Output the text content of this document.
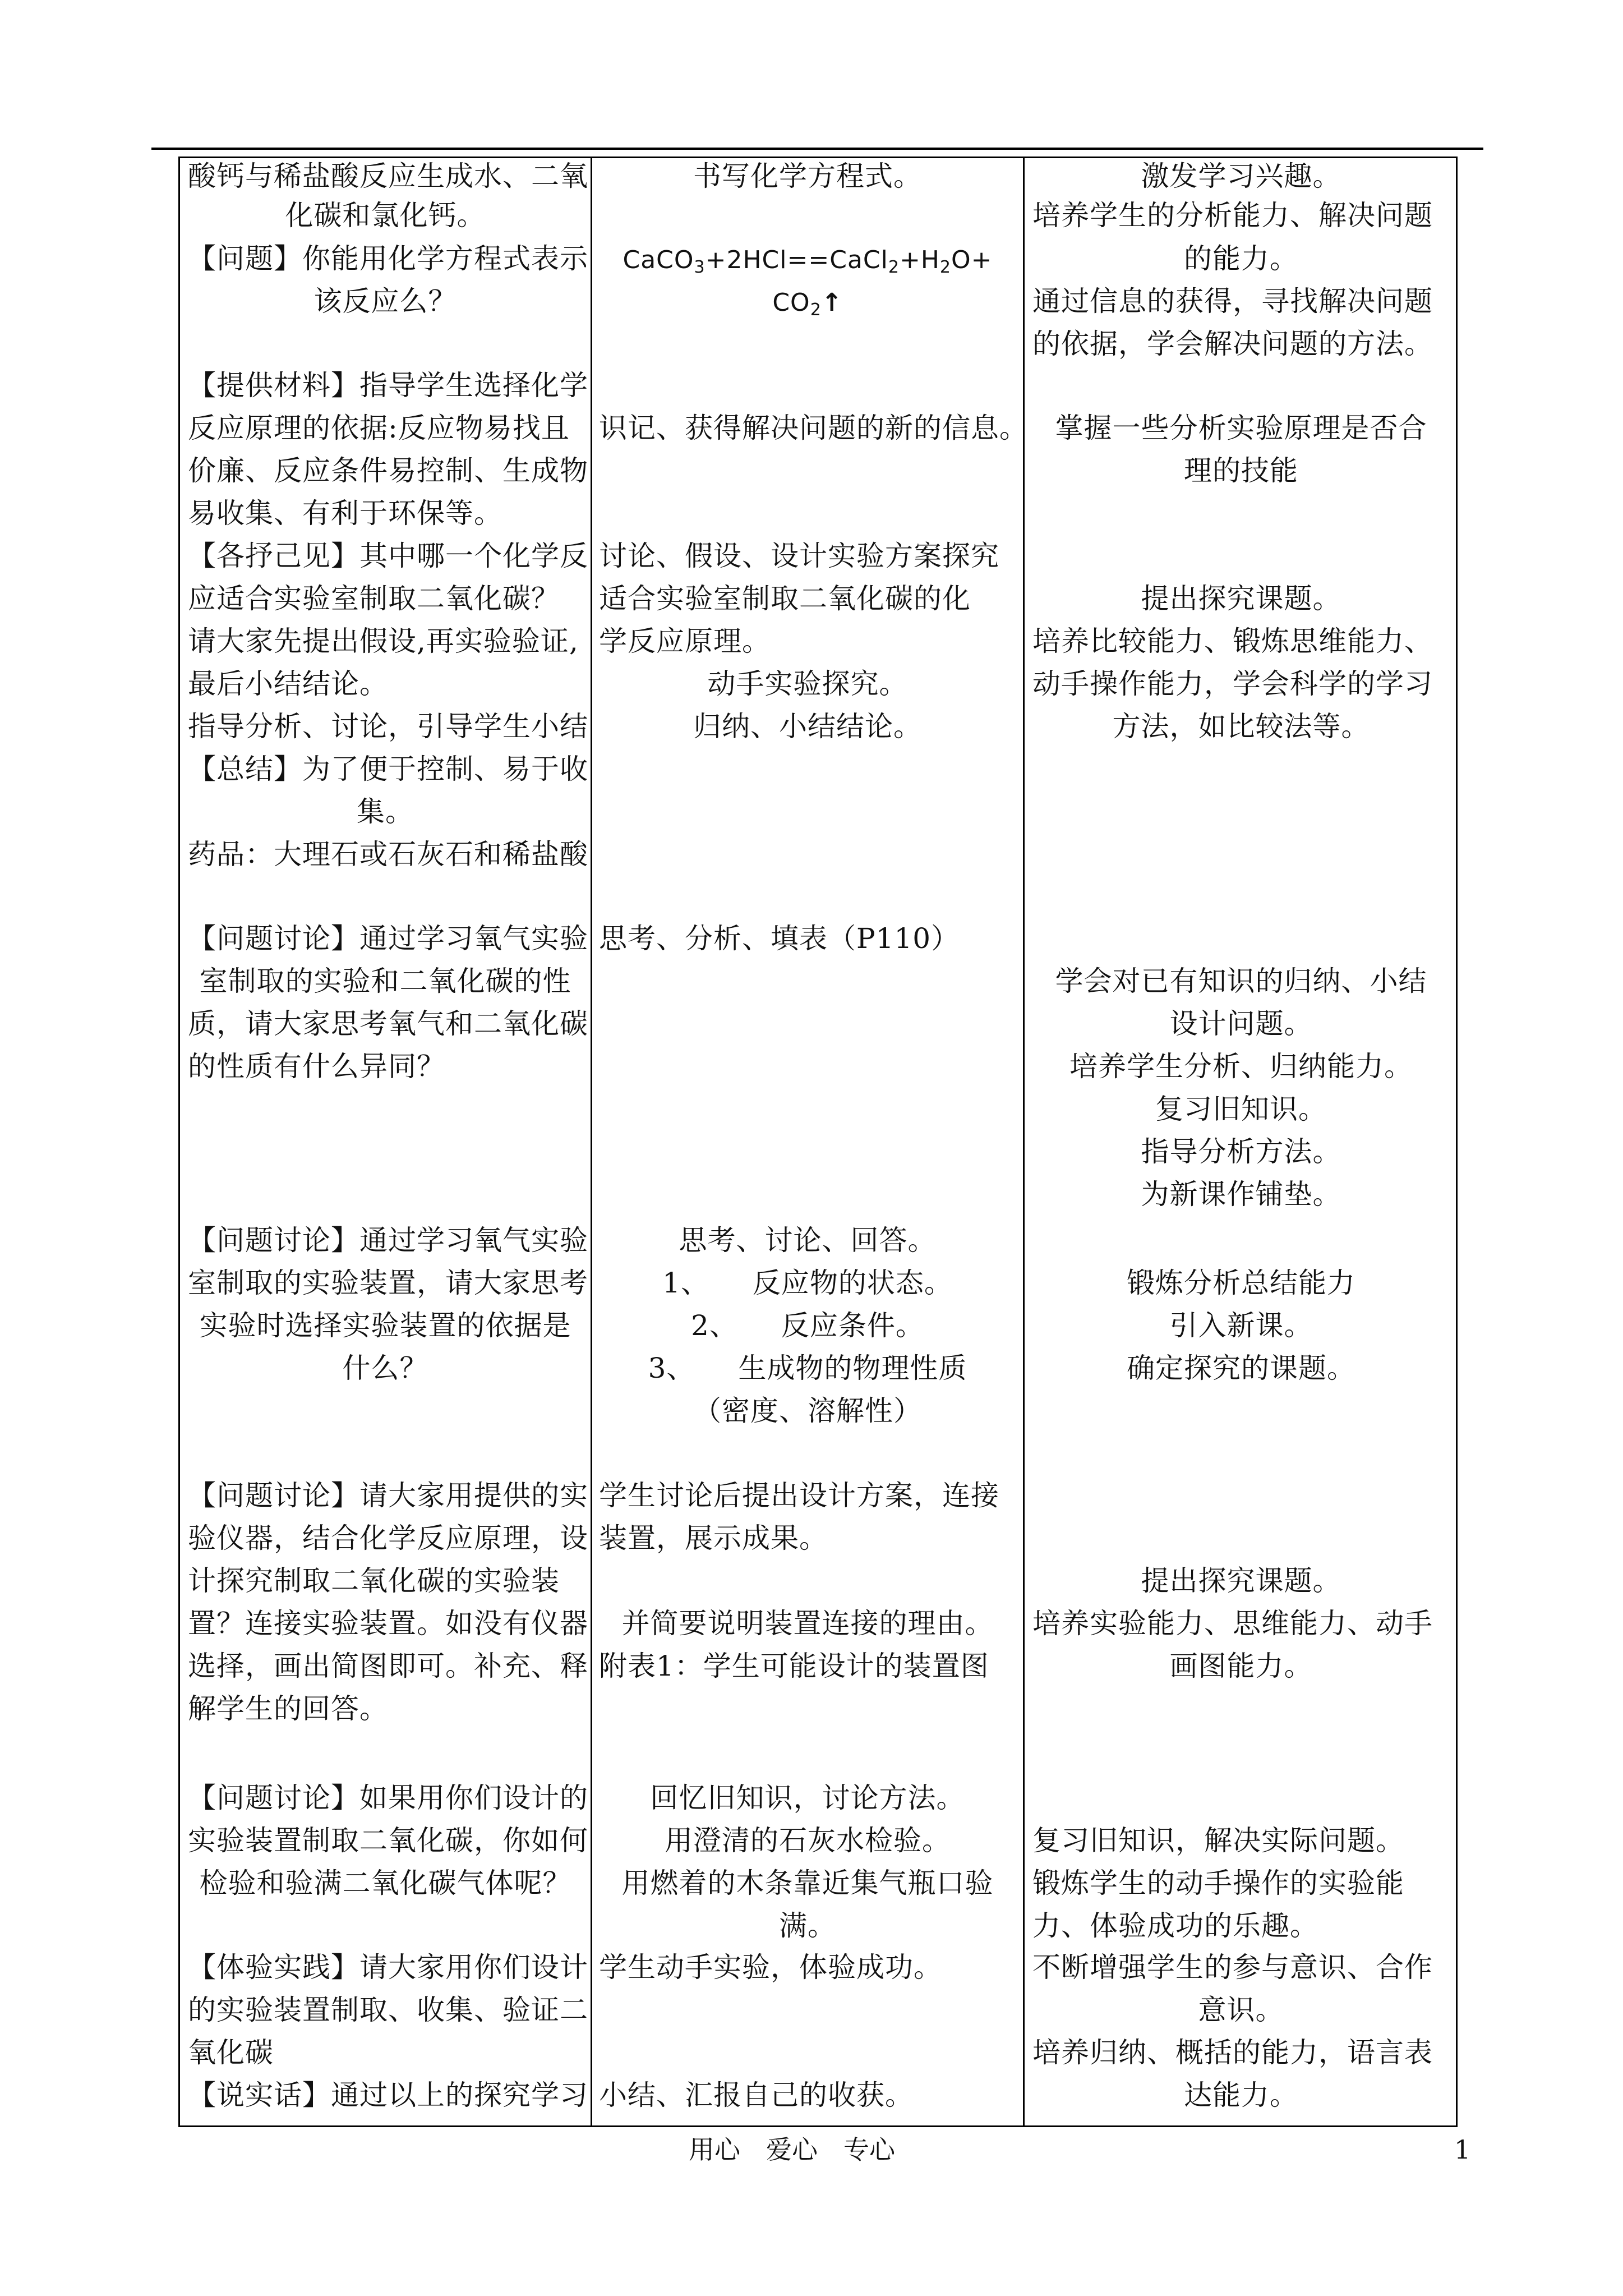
酸钙与稀盐酸反应生成水、二氧
化碳和氯化钙。
【问题】你能用化学方程式表示
该反应么？
【提供材料】指导学生选择化学
反应原理的依据:反应物易找且
价廉、反应条件易控制、生成物
易收集、有利于环保等。
【各抒己见】其中哪一个化学反
应适合实验室制取二氧化碳？
请大家先提出假设,再实验验证,
最后小结结论。
指导分析、讨论，引导学生小结
【总结】为了便于控制、易于收
集。
药品：大理石或石灰石和稀盐酸
【问题讨论】通过学习氧气实验
室制取的实验和二氧化碳的性
质，请大家思考氧气和二氧化碳
的性质有什么异同？
【问题讨论】通过学习氧气实验
室制取的实验装置，请大家思考
实验时选择实验装置的依据是
什么？
【问题讨论】请大家用提供的实
验仪器，结合化学反应原理，设
计探究制取二氧化碳的实验装
置？连接实验装置。如没有仪器
选择，画出简图即可。补充、释
解学生的回答。
【问题讨论】如果用你们设计的
实验装置制取二氧化碳，你如何
检验和验满二氧化碳气体呢？
【体验实践】请大家用你们设计
的实验装置制取、收集、验证二
氧化碳
【说实话】通过以上的探究学习
书写化学方程式。
$CaCO_3+2HCl==CaCl_2+H_2O+$
$CO_2↑$
识记、获得解决问题的新的信息。
讨论、假设、设计实验方案探究
适合实验室制取二氧化碳的化
学反应原理。
动手实验探究。
归纳、小结结论。
思考、分析、填表（P110）
思考、讨论、回答。
1、　　反应物的状态。
2、　　反应条件。
3、　　生成物的物理性质
（密度、溶解性）
学生讨论后提出设计方案，连接
装置，展示成果。
并简要说明装置连接的理由。
附表1：学生可能设计的装置图
回忆旧知识，讨论方法。
用澄清的石灰水检验。
用燃着的木条靠近集气瓶口验
满。
学生动手实验，体验成功。
小结、汇报自己的收获。
激发学习兴趣。
培养学生的分析能力、解决问题
的能力。
通过信息的获得，寻找解决问题
的依据，学会解决问题的方法。
掌握一些分析实验原理是否合
理的技能
提出探究课题。
培养比较能力、锻炼思维能力、
动手操作能力，学会科学的学习
方法，如比较法等。
学会对已有知识的归纳、小结
设计问题。
培养学生分析、归纳能力。
复习旧知识。
指导分析方法。
为新课作铺垫。
锻炼分析总结能力
引入新课。
确定探究的课题。
提出探究课题。
培养实验能力、思维能力、动手
画图能力。
复习旧知识，解决实际问题。
锻炼学生的动手操作的实验能
力、体验成功的乐趣。
不断增强学生的参与意识、合作
意识。
培养归纳、概括的能力，语言表
达能力。
用心　爱心　专心	1
